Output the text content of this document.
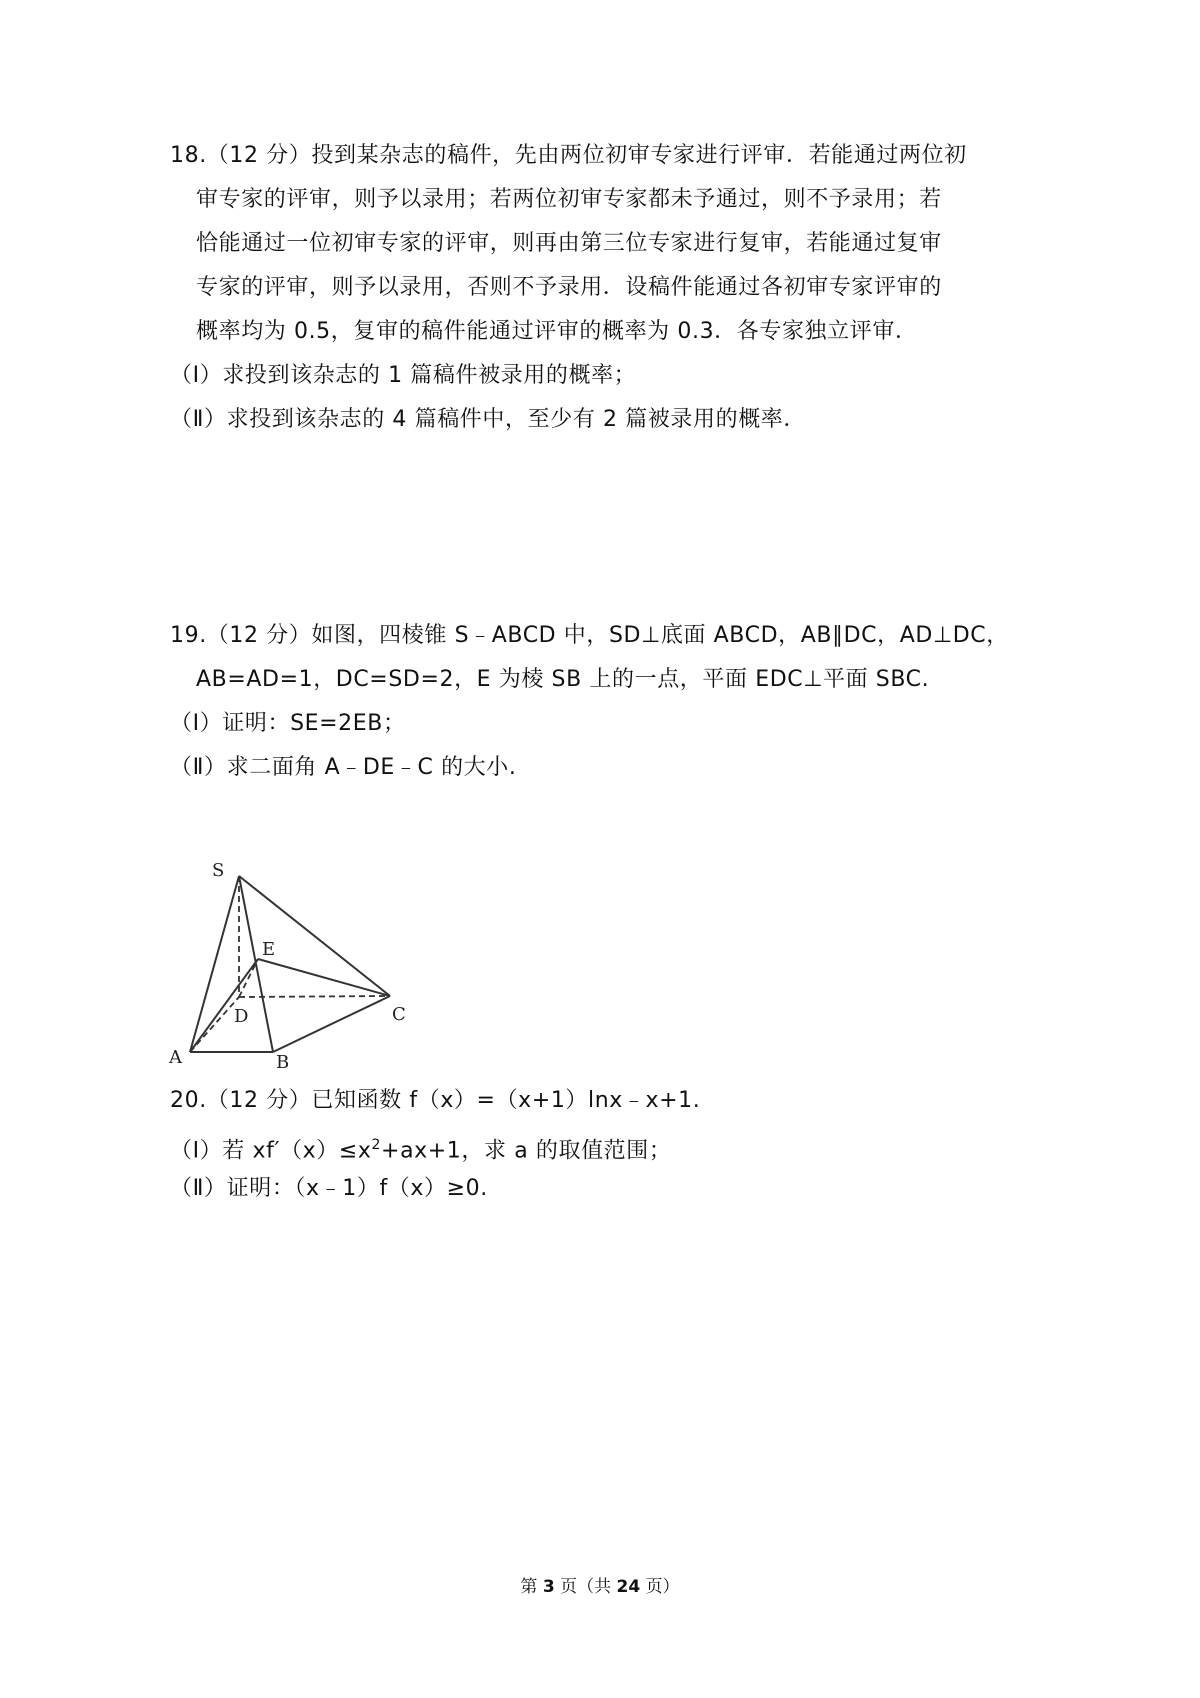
18.（12 分）投到某杂志的稿件，先由两位初审专家进行评审．若能通过两位初
审专家的评审，则予以录用；若两位初审专家都未予通过，则不予录用；若
恰能通过一位初审专家的评审，则再由第三位专家进行复审，若能通过复审
专家的评审，则予以录用，否则不予录用．设稿件能通过各初审专家评审的
概率均为 0.5，复审的稿件能通过评审的概率为 0.3．各专家独立评审．
（Ⅰ）求投到该杂志的 1 篇稿件被录用的概率；
（Ⅱ）求投到该杂志的 4 篇稿件中，至少有 2 篇被录用的概率．
19.（12 分）如图，四棱锥 S﹣ABCD 中，SD⊥底面 ABCD，AB∥DC，AD⊥DC，
AB=AD=1，DC=SD=2，E 为棱 SB 上的一点，平面 EDC⊥平面 SBC.
（Ⅰ）证明：SE=2EB；
（Ⅱ）求二面角 A﹣DE﹣C 的大小.
S
E
D	C
A	B
20.（12 分）已知函数 f（x）=（x+1）lnx﹣x+1.
（Ⅰ）若 $xf'(x)\le x^2+ax+1$，求 a 的取值范围；
（Ⅱ）证明：（x﹣1）f（x）≥0.
第 3 页（共 24 页）
